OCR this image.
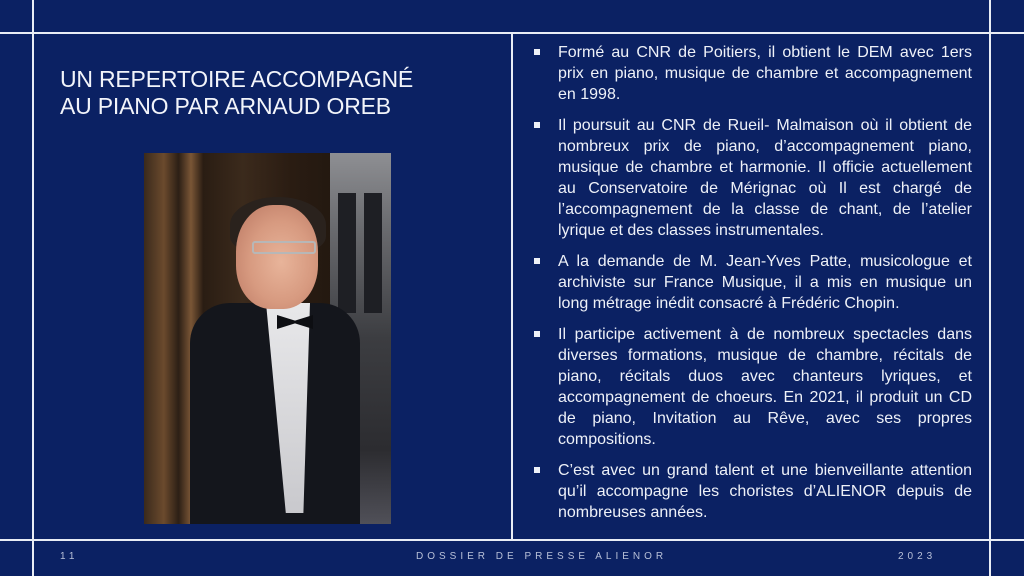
UN REPERTOIRE ACCOMPAGNÉ
AU PIANO PAR ARNAUD OREB
Formé au CNR de Poitiers, il obtient le DEM avec 1ers prix en piano, musique de chambre et accompagnement en 1998.
Il poursuit au CNR de Rueil- Malmaison où il obtient de nombreux prix de piano, d’accompagnement piano, musique de chambre et harmonie. Il officie actuellement au Conservatoire de Mérignac où Il est chargé de l’accompagnement de la classe de chant, de l’atelier lyrique et des classes instrumentales.
A la demande de M. Jean-Yves Patte, musicologue et archiviste sur France Musique, il a mis en musique un long métrage inédit consacré à Frédéric Chopin.
Il participe activement à de nombreux spectacles dans diverses formations, musique de chambre, récitals de piano, récitals duos avec chanteurs lyriques, et accompagnement de choeurs. En 2021, il produit un CD de piano, Invitation au Rêve, avec ses propres compositions.
C’est avec un grand talent et une bienveillante attention qu’il accompagne les choristes d’ALIENOR depuis de nombreuses années.
11	DOSSIER DE PRESSE ALIENOR	2023
